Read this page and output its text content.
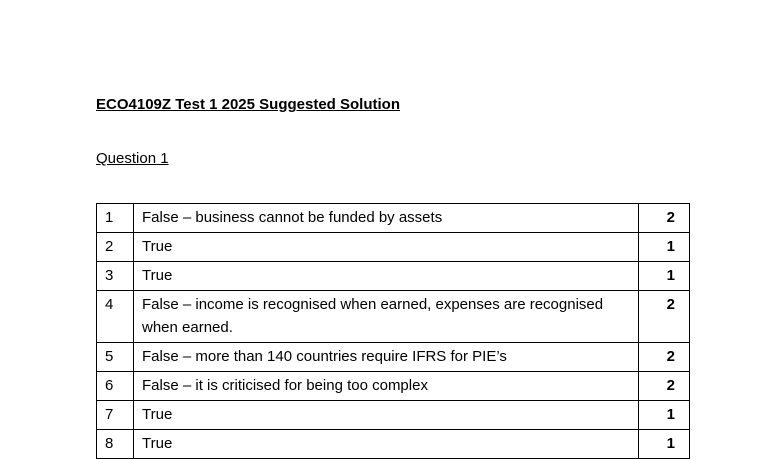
ECO4109Z Test 1 2025 Suggested Solution
Question 1
1	False – business cannot be funded by assets	2
2	True	1
3	True	1
4	False – income is recognised when earned, expenses are recognised when earned.	2
5	False – more than 140 countries require IFRS for PIE’s	2
6	False – it is criticised for being too complex	2
7	True	1
8	True	1
